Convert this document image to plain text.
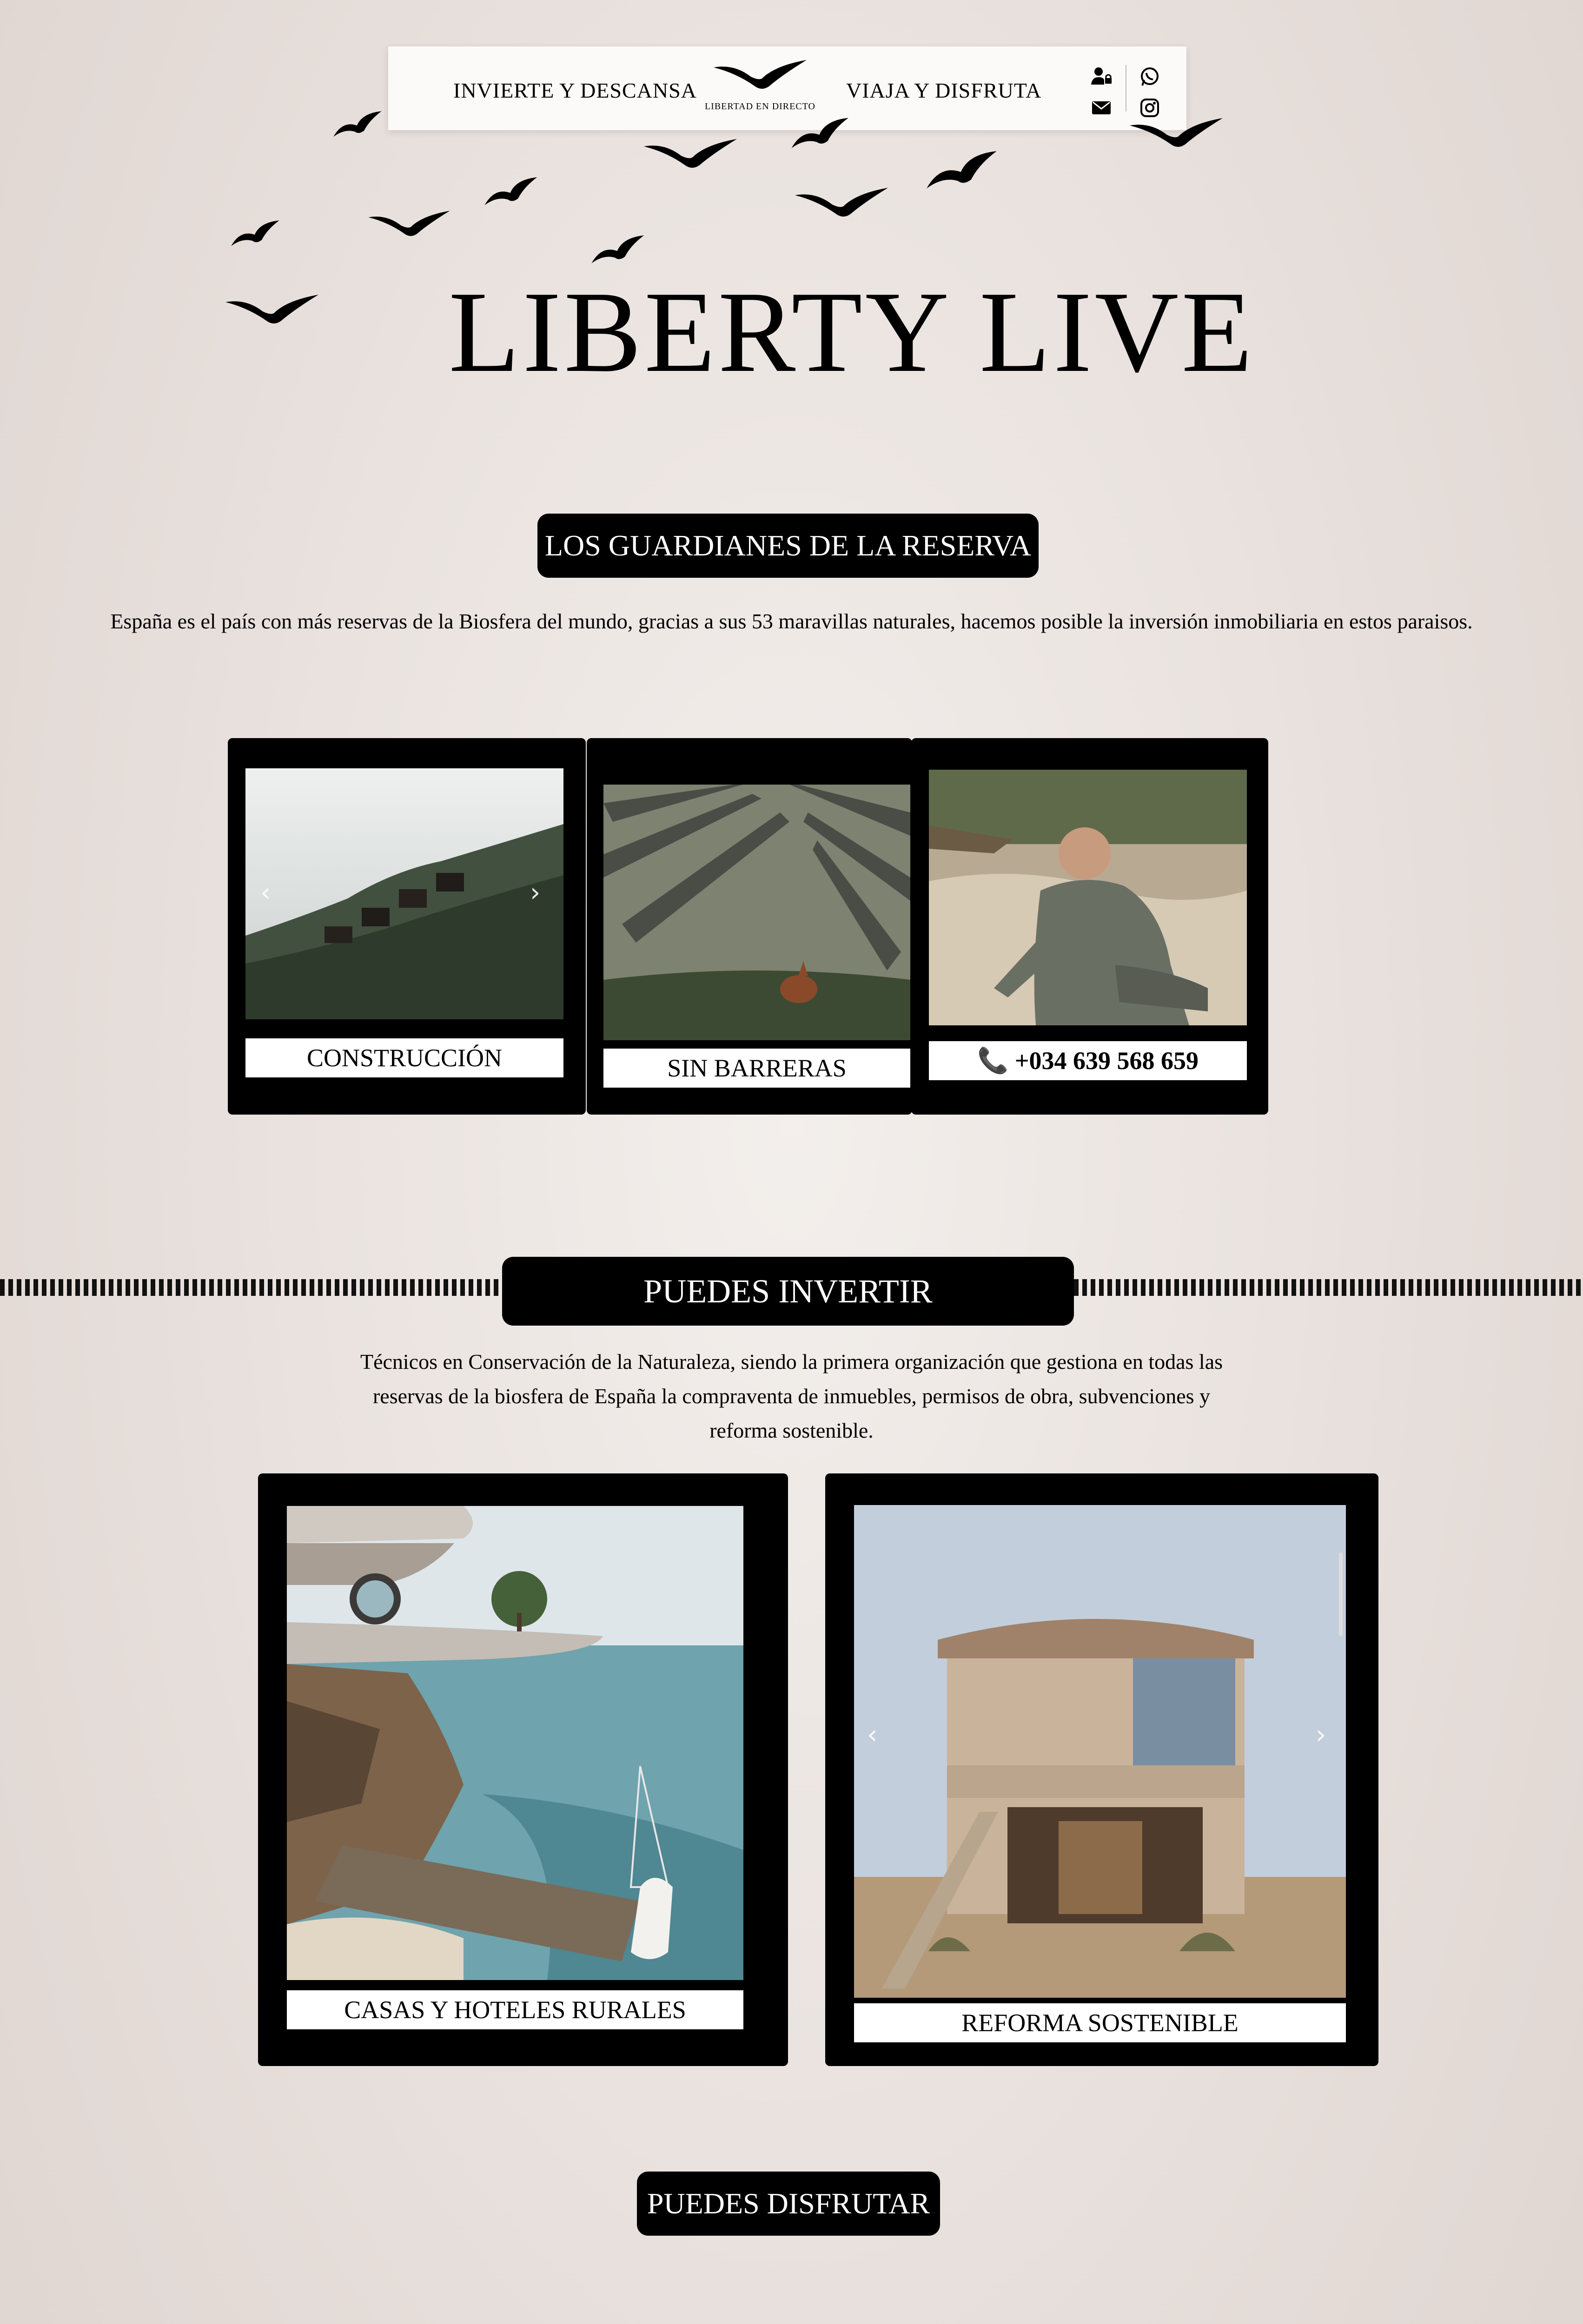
INVIERTE Y DESCANSA
LIBERTAD EN DIRECTO
VIAJA Y DISFRUTA
LIBERTY LIVE
LOS GUARDIANES DE LA RESERVA
España es el país con más reservas de la Biosfera del mundo, gracias a sus 53 maravillas naturales, hacemos posible la inversión inmobiliaria en estos paraisos.
‹	›
CONSTRUCCIÓN	SIN BARRERAS	📞 +034 639 568 659
PUEDES INVERTIR
Técnicos en Conservación de la Naturaleza, siendo la primera organización que gestiona en todas las reservas de la biosfera de España la compraventa de inmuebles, permisos de obra, subvenciones y reforma sostenible.
CASAS Y HOTELES RURALES
‹	›
REFORMA SOSTENIBLE
PUEDES DISFRUTAR
